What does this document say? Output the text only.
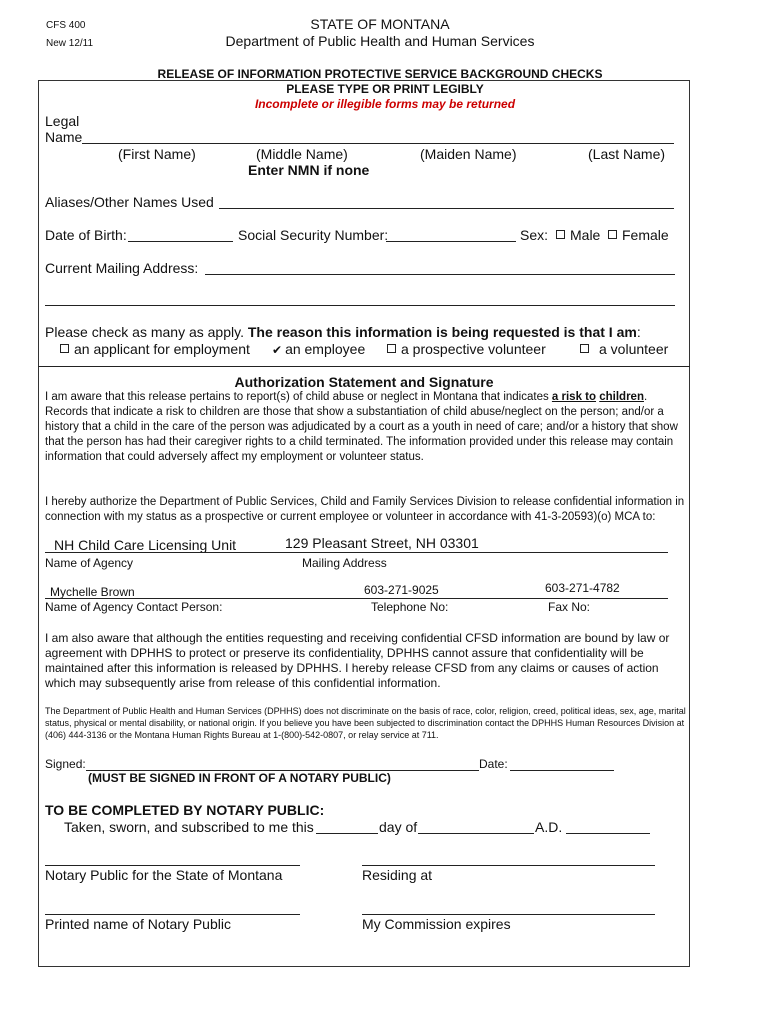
CFS 400
New 12/11
STATE OF MONTANA
Department of Public Health and Human Services
RELEASE OF INFORMATION PROTECTIVE SERVICE BACKGROUND CHECKS
PLEASE TYPE OR PRINT LEGIBLY
Incomplete or illegible forms may be returned
Legal
Name
(First Name)	(Middle Name)
Enter NMN if none
(Maiden Name)	(Last Name)
Aliases/Other Names Used
Date of Birth:	Social Security Number:	Sex:	Male	Female
Current Mailing Address:
Please check as many as apply. The reason this information is being requested is that I am:
an applicant for employment ✔ an employee	a prospective volunteer	a volunteer
Authorization Statement and Signature
I am aware that this release pertains to report(s) of child abuse or neglect in Montana that indicates a risk to children. Records that indicate a risk to children are those that show a substantiation of child abuse/neglect on the person; and/or a history that a child in the care of the person was adjudicated by a court as a youth in need of care; and/or a history that show that the person has had their caregiver rights to a child terminated. The information provided under this release may contain information that could adversely affect my employment or volunteer status.
I hereby authorize the Department of Public Services, Child and Family Services Division to release confidential information in connection with my status as a prospective or current employee or volunteer in accordance with 41-3-20593)(o) MCA to:
NH Child Care Licensing Unit	129 Pleasant Street, NH 03301
Name of Agency	Mailing Address
Mychelle Brown	603-271-9025	603-271-4782
Name of Agency Contact Person:	Telephone No:	Fax No:
I am also aware that although the entities requesting and receiving confidential CFSD information are bound by law or agreement with DPHHS to protect or preserve its confidentiality, DPHHS cannot assure that confidentiality will be maintained after this information is released by DPHHS. I hereby release CFSD from any claims or causes of action which may subsequently arise from release of this confidential information.
The Department of Public Health and Human Services (DPHHS) does not discriminate on the basis of race, color, religion, creed, political ideas, sex, age, marital status, physical or mental disability, or national origin. If you believe you have been subjected to discrimination contact the DPHHS Human Resources Division at (406) 444-3136 or the Montana Human Rights Bureau at 1-(800)-542-0807, or relay service at 711.
Signed:	Date:
(MUST BE SIGNED IN FRONT OF A NOTARY PUBLIC)
TO BE COMPLETED BY NOTARY PUBLIC:
Taken, sworn, and subscribed to me this	day of	A.D.
Notary Public for the State of Montana	Residing at
Printed name of Notary Public	My Commission expires
